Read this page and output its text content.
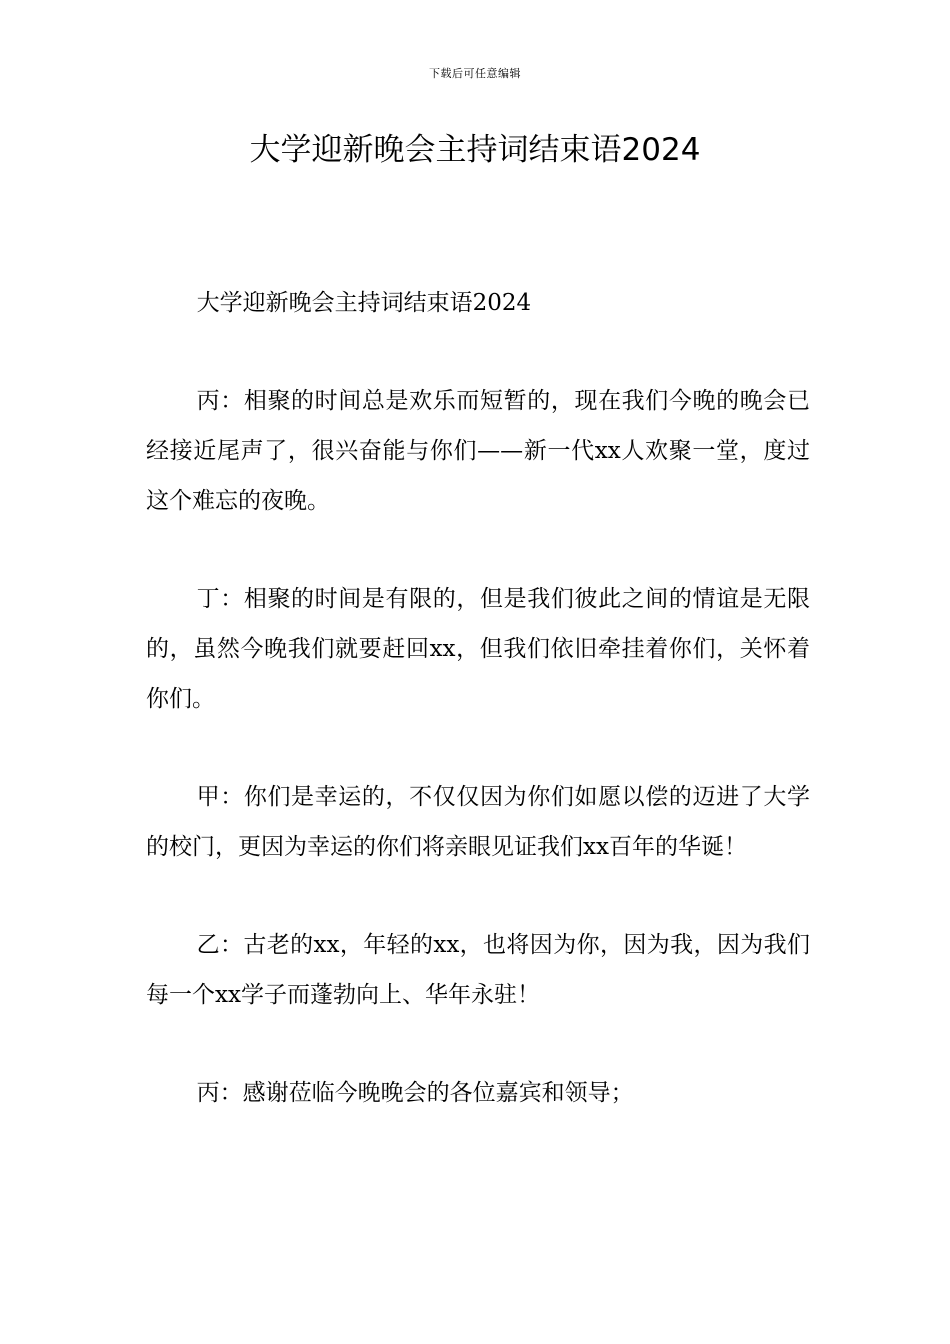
下载后可任意编辑
大学迎新晚会主持词结束语2024

大学迎新晚会主持词结束语2024

丙：相聚的时间总是欢乐而短暂的，现在我们今晚的晚会已经接近尾声了，很兴奋能与你们——新一代xx人欢聚一堂，度过这个难忘的夜晚。

丁：相聚的时间是有限的，但是我们彼此之间的情谊是无限的，虽然今晚我们就要赶回xx，但我们依旧牵挂着你们，关怀着你们。

甲：你们是幸运的，不仅仅因为你们如愿以偿的迈进了大学的校门，更因为幸运的你们将亲眼见证我们xx百年的华诞！

乙：古老的xx，年轻的xx，也将因为你，因为我，因为我们每一个xx学子而蓬勃向上、华年永驻！

丙：感谢莅临今晚晚会的各位嘉宾和领导；
